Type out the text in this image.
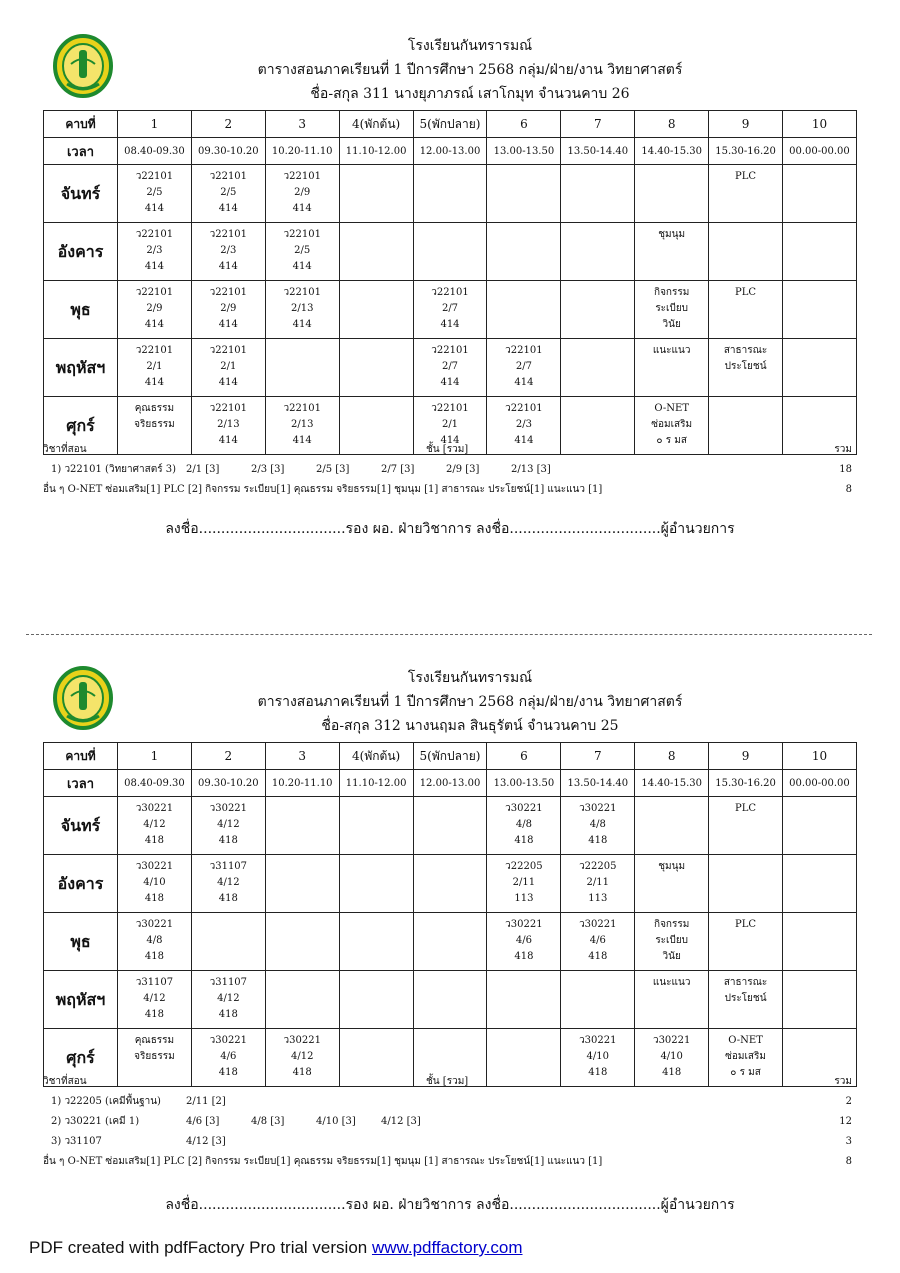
โรงเรียนกันทรารมณ์
ตารางสอนภาคเรียนที่ 1 ปีการศึกษา 2568 กลุ่ม/ฝ่าย/งาน วิทยาศาสตร์
ชื่อ-สกุล 311 นางยุภาภรณ์ เสาโกมุท จำนวนคาบ 26
คาบที่	1	2	3	4(พักต้น)	5(พักปลาย)	6	7	8	9	10
เวลา	08.40-09.30	09.30-10.20	10.20-11.10	11.10-12.00	12.00-13.00	13.00-13.50	13.50-14.40	14.40-15.30	15.30-16.20	00.00-00.00
จันทร์	ว22101
2/5
414	ว22101
2/5
414	ว22101
2/9
414						PLC	

อังคาร	ว22101
2/3
414	ว22101
2/3
414	ว22101
2/5
414					ชุมนุม		

พุธ	ว22101
2/9
414	ว22101
2/9
414	ว22101
2/13
414		ว22101
2/7
414			กิจกรรม
ระเบียบ
วินัย	PLC	

พฤหัสฯ	ว22101
2/1
414	ว22101
2/1
414			ว22101
2/7
414	ว22101
2/7
414		แนะแนว	สาธารณะ
ประโยชน์	

ศุกร์	คุณธรรม
จริยธรรม	ว22101
2/13
414	ว22101
2/13
414		ว22101
2/1
414	ว22101
2/3
414		O-NET
ซ่อมเสริม
๐ ร มส		

วิชาที่สอน	ชั้น [รวม]	รวม
1) ว22101 (วิทยาศาสตร์ 3) 2/1 [3]	2/3 [3]	2/5 [3]	2/7 [3]	2/9 [3]	2/13 [3]	18
อื่น ๆ O-NET ซ่อมเสริม[1] PLC [2] กิจกรรม ระเบียบ[1] คุณธรรม จริยธรรม[1] ชุมนุม [1] สาธารณะ ประโยชน์[1] แนะแนว [1]	8
ลงชื่อ.................................รอง ผอ. ฝ่ายวิชาการ ลงชื่อ..................................ผู้อำนวยการ
โรงเรียนกันทรารมณ์
ตารางสอนภาคเรียนที่ 1 ปีการศึกษา 2568 กลุ่ม/ฝ่าย/งาน วิทยาศาสตร์
ชื่อ-สกุล 312 นางนฤมล สินธุรัตน์ จำนวนคาบ 25
คาบที่	1	2	3	4(พักต้น)	5(พักปลาย)	6	7	8	9	10
เวลา	08.40-09.30	09.30-10.20	10.20-11.10	11.10-12.00	12.00-13.00	13.00-13.50	13.50-14.40	14.40-15.30	15.30-16.20	00.00-00.00
จันทร์	ว30221
4/12
418	ว30221
4/12
418				ว30221
4/8
418	ว30221
4/8
418		PLC	

อังคาร	ว30221
4/10
418	ว31107
4/12
418				ว22205
2/11
113	ว22205
2/11
113	ชุมนุม		

พุธ	ว30221
4/8
418					ว30221
4/6
418	ว30221
4/6
418	กิจกรรม
ระเบียบ
วินัย	PLC	

พฤหัสฯ	ว31107
4/12
418	ว31107
4/12
418						แนะแนว	สาธารณะ
ประโยชน์	

ศุกร์	คุณธรรม
จริยธรรม	ว30221
4/6
418	ว30221
4/12
418				ว30221
4/10
418	ว30221
4/10
418	O-NET
ซ่อมเสริม
๐ ร มส	

วิชาที่สอน	ชั้น [รวม]	รวม
1) ว22205 (เคมีพื้นฐาน)	2/11 [2]	2
2) ว30221 (เคมี 1)	4/6 [3]	4/8 [3]	4/10 [3]	4/12 [3]	12
3) ว31107	4/12 [3]	3
อื่น ๆ O-NET ซ่อมเสริม[1] PLC [2] กิจกรรม ระเบียบ[1] คุณธรรม จริยธรรม[1] ชุมนุม [1] สาธารณะ ประโยชน์[1] แนะแนว [1]	8
ลงชื่อ.................................รอง ผอ. ฝ่ายวิชาการ ลงชื่อ..................................ผู้อำนวยการ
PDF created with pdfFactory Pro trial version www.pdffactory.com
